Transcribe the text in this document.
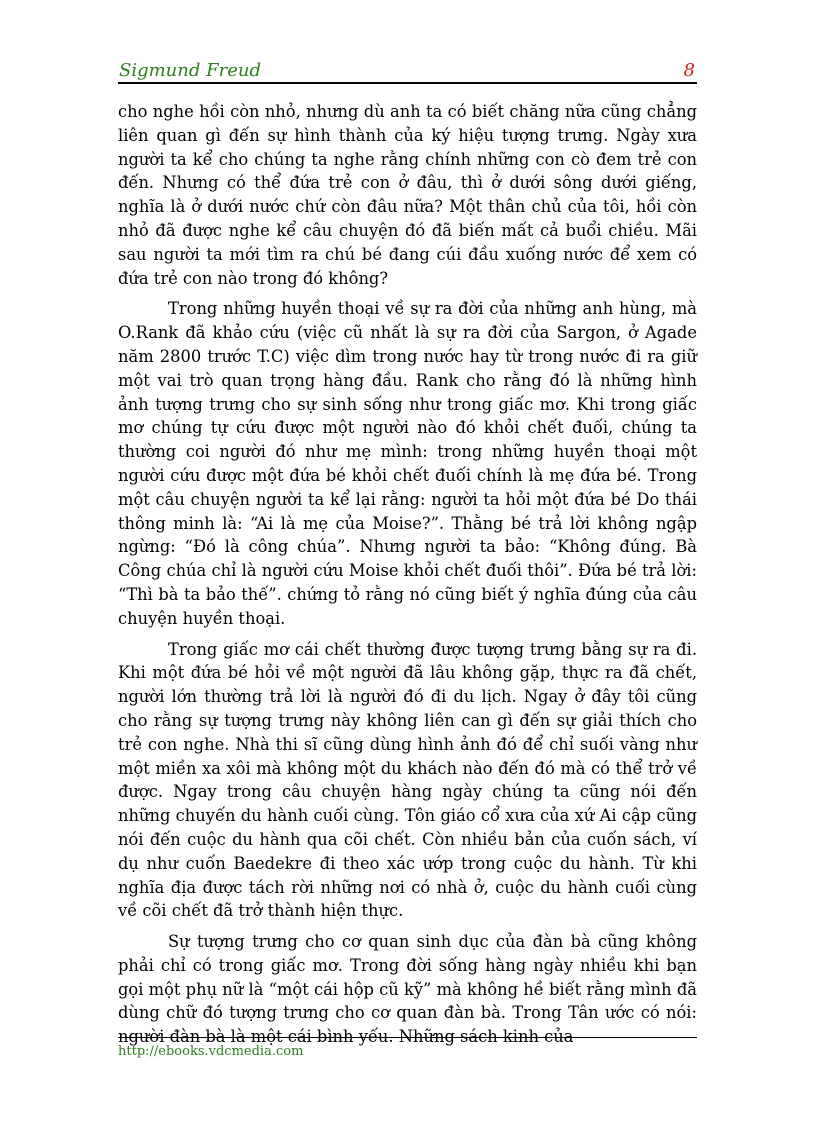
Sigmund Freud	8

cho nghe hồi còn nhỏ, nhưng dù anh ta có biết chăng nữa cũng chẳng liên quan gì đến sự hình thành của ký hiệu tượng trưng. Ngày xưa người ta kể cho chúng ta nghe rằng chính những con cò đem trẻ con đến. Nhưng có thể đứa trẻ con ở đâu, thì ở dưới sông dưới giếng, nghĩa là ở dưới nước chứ còn đâu nữa? Một thân chủ của tôi, hồi còn nhỏ đã được nghe kể câu chuyện đó đã biến mất cả buổi chiều. Mãi sau người ta mới tìm ra chú bé đang cúi đầu xuống nước để xem có đứa trẻ con nào trong đó không?

Trong những huyền thoại về sự ra đời của những anh hùng, mà O.Rank đã khảo cứu (việc cũ nhất là sự ra đời của Sargon, ở Agade năm 2800 trước T.C) việc dìm trong nước hay từ trong nước đi ra giữ một vai trò quan trọng hàng đầu. Rank cho rằng đó là những hình ảnh tượng trưng cho sự sinh sống như trong giấc mơ. Khi trong giấc mơ chúng tự cứu được một người nào đó khỏi chết đuối, chúng ta thường coi người đó như mẹ mình: trong những huyền thoại một người cứu được một đứa bé khỏi chết đuối chính là mẹ đứa bé. Trong một câu chuyện người ta kể lại rằng: người ta hỏi một đứa bé Do thái thông minh là: “Ai là mẹ của Moise?”. Thằng bé trả lời không ngập ngừng: “Đó là công chúa”. Nhưng người ta bảo: “Không đúng. Bà Công chúa chỉ là người cứu Moise khỏi chết đuối thôi”. Đứa bé trả lời: “Thì bà ta bảo thế”. chứng tỏ rằng nó cũng biết ý nghĩa đúng của câu chuyện huyền thoại.

Trong giấc mơ cái chết thường được tượng trưng bằng sự ra đi. Khi một đứa bé hỏi về một người đã lâu không gặp, thực ra đã chết, người lớn thường trả lời là người đó đi du lịch. Ngay ở đây tôi cũng cho rằng sự tượng trưng này không liên can gì đến sự giải thích cho trẻ con nghe. Nhà thi sĩ cũng dùng hình ảnh đó để chỉ suối vàng như một miền xa xôi mà không một du khách nào đến đó mà có thể trở về được. Ngay trong câu chuyện hàng ngày chúng ta cũng nói đến những chuyến du hành cuối cùng. Tôn giáo cổ xưa của xứ Ai cập cũng nói đến cuộc du hành qua cõi chết. Còn nhiều bản của cuốn sách, ví dụ như cuốn Baedekre đi theo xác ướp trong cuộc du hành. Từ khi nghĩa địa được tách rời những nơi có nhà ở, cuộc du hành cuối cùng về cõi chết đã trở thành hiện thực.

Sự tượng trưng cho cơ quan sinh dục của đàn bà cũng không phải chỉ có trong giấc mơ. Trong đời sống hàng ngày nhiều khi bạn gọi một phụ nữ là “một cái hộp cũ kỹ” mà không hề biết rằng mình đã dùng chữ đó tượng trưng cho cơ quan đàn bà. Trong Tân ước có nói: người đàn bà là một cái bình yếu. Những sách kinh của

http://ebooks.vdcmedia.com
